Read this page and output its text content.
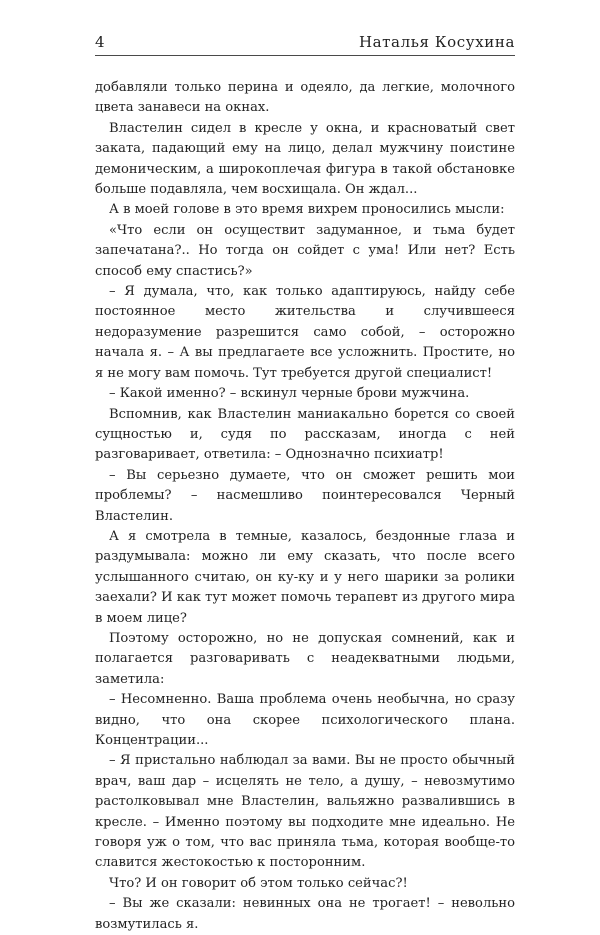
4	Наталья Косухина

добавляли только перина и одеяло, да легкие, молочного цвета занавеси на окнах.

Властелин сидел в кресле у окна, и красноватый свет заката, падающий ему на лицо, делал мужчину поистине демоническим, а широкоплечая фигура в такой обстановке больше подавляла, чем восхищала. Он ждал...

А в моей голове в это время вихрем проносились мысли:

«Что если он осуществит задуманное, и тьма будет запечатана?.. Но тогда он сойдет с ума! Или нет? Есть способ ему спастись?»

– Я думала, что, как только адаптируюсь, найду себе постоянное место жительства и случившееся недоразумение разрешится само собой, – осторожно начала я. – А вы предлагаете все усложнить. Простите, но я не могу вам помочь. Тут требуется другой специалист!

– Какой именно? – вскинул черные брови мужчина.

Вспомнив, как Властелин маниакально борется со своей сущностью и, судя по рассказам, иногда с ней разговаривает, ответила: – Однозначно психиатр!

– Вы серьезно думаете, что он сможет решить мои проблемы? – насмешливо поинтересовался Черный Властелин.

А я смотрела в темные, казалось, бездонные глаза и раздумывала: можно ли ему сказать, что после всего услышанного считаю, он ку-ку и у него шарики за ролики заехали? И как тут может помочь терапевт из другого мира в моем лице?

Поэтому осторожно, но не допуская сомнений, как и полагается разговаривать с неадекватными людьми, заметила:

– Несомненно. Ваша проблема очень необычна, но сразу видно, что она скорее психологического плана. Концентрации...

– Я пристально наблюдал за вами. Вы не просто обычный врач, ваш дар – исцелять не тело, а душу, – невозмутимо растолковывал мне Властелин, вальяжно развалившись в кресле. – Именно поэтому вы подходите мне идеально. Не говоря уж о том, что вас приняла тьма, которая вообще-то славится жестокостью к посторонним.

Что? И он говорит об этом только сейчас?!

– Вы же сказали: невинных она не трогает! – невольно возмутилась я.
